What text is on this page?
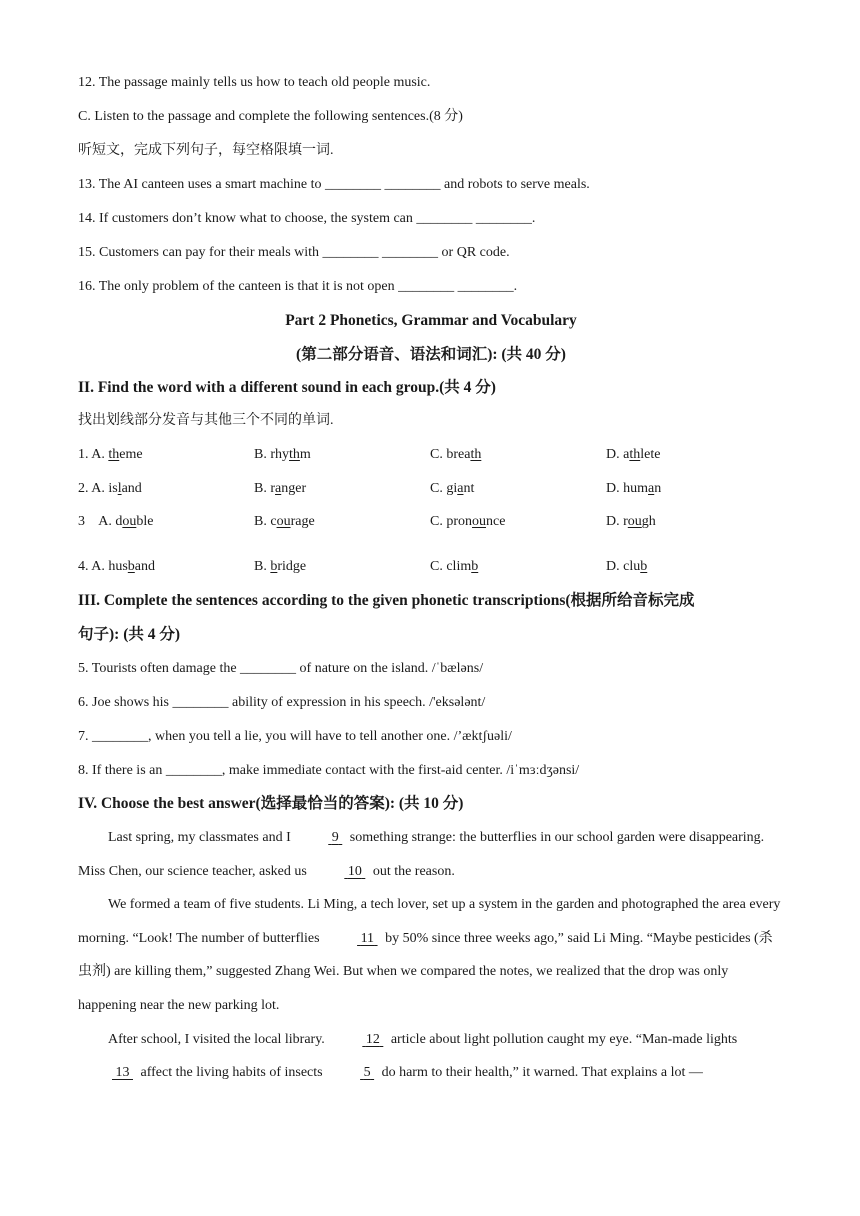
12. The passage mainly tells us how to teach old people music.
C. Listen to the passage and complete the following sentences.(8 分)
听短文，完成下列句子，每空格限填一词.
13. The AI canteen uses a smart machine to ________ ________ and robots to serve meals.
14. If customers don’t know what to choose, the system can ________ ________.
15. Customers can pay for their meals with ________ ________ or QR code.
16. The only problem of the canteen is that it is not open ________ ________.
Part 2 Phonetics, Grammar and Vocabulary
(第二部分语音、语法和词汇): (共 40 分)
II. Find the word with a different sound in each group.(共 4 分)
找出划线部分发音与其他三个不同的单词.
1. A. theme	B. rhythm	C. breath	D. athlete
2. A. island	B. ranger	C. giant	D. human
3    A. double	B. courage	C. pronounce	D. rough
4. A. husband	B. bridge	C. climb	D. club
III. Complete the sentences according to the given phonetic transcriptions(根据所给音标完成
句子): (共 4 分)
5. Tourists often damage the ________ of nature on the island. /ˈbæləns/
6. Joe shows his ________ ability of expression in his speech. /'eksələnt/
7. ________, when you tell a lie, you will have to tell another one. /’æktʃuəli/
8. If there is an ________, make immediate contact with the first-aid center. /iˈmɜːdʒənsi/
IV. Choose the best answer(选择最恰当的答案): (共 10 分)

Last spring, my classmates and I	9 something strange: the butterflies in our school garden were disappearing. Miss Chen, our science teacher, asked us	10 out the reason.

We formed a team of five students. Li Ming, a tech lover, set up a system in the garden and photographed the area every morning. “Look! The number of butterflies	11 by 50% since three weeks ago,” said Li Ming. “Maybe pesticides (杀虫剂) are killing them,” suggested Zhang Wei. But when we compared the notes, we realized that the drop was only happening near the new parking lot.

After school, I visited the local library.	12 article about light pollution caught my eye. “Man-made lights 13 affect the living habits of insects	5 do harm to their health,” it warned. That explains a lot —
